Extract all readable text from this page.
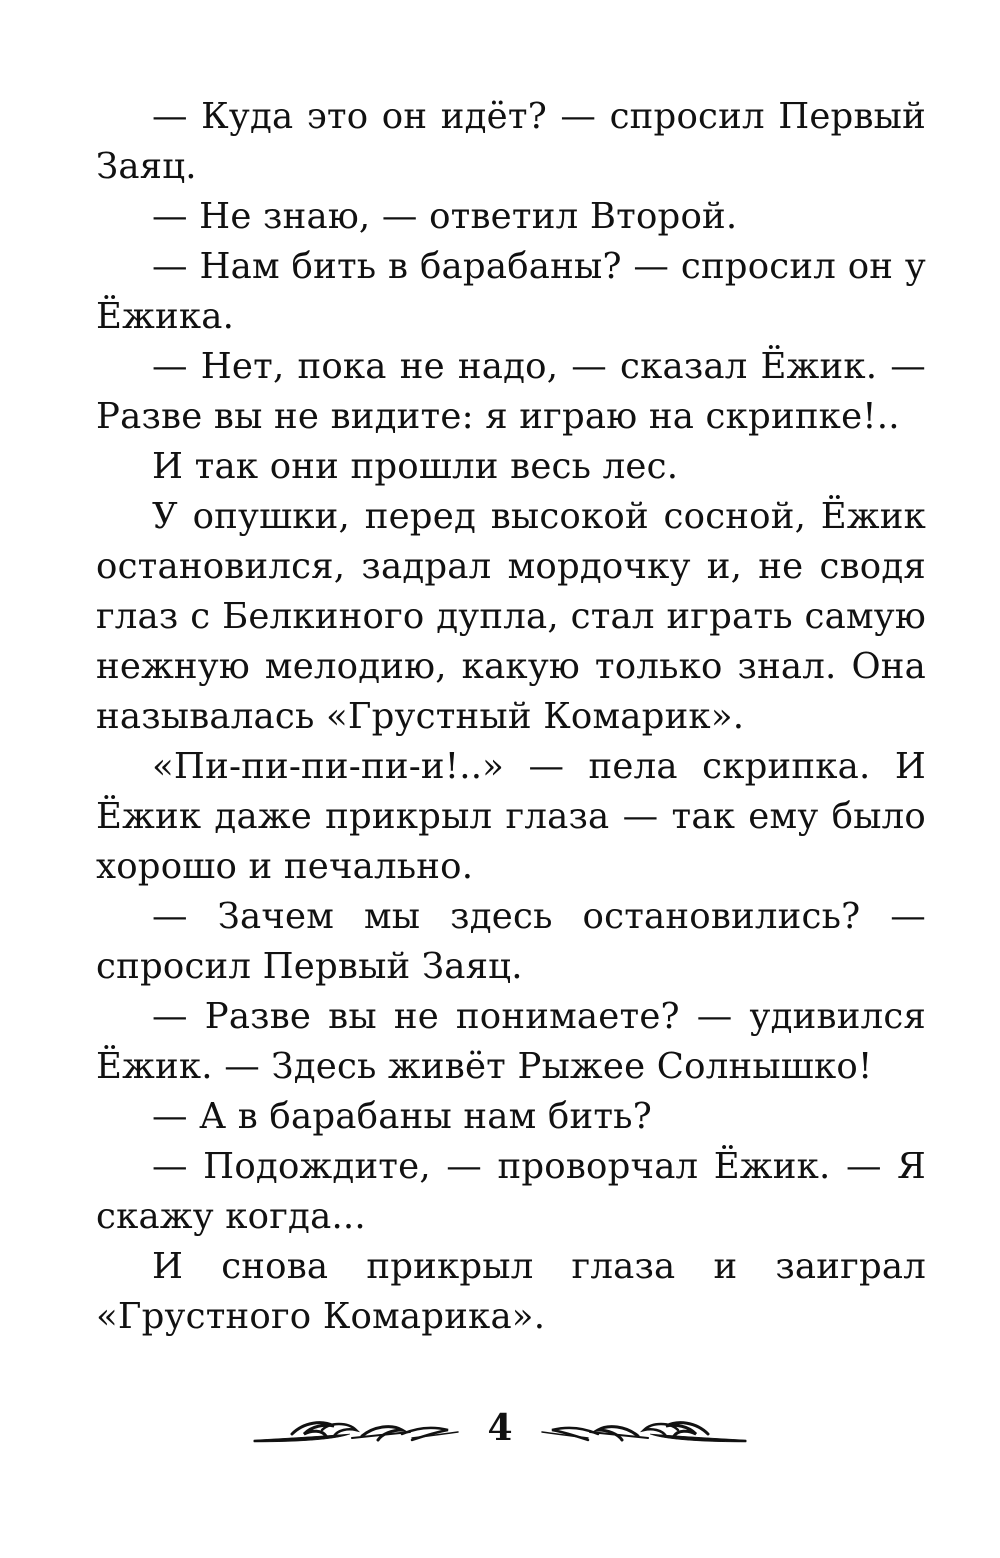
— Куда это он идёт? — спросил Первый Заяц.

— Не знаю, — ответил Второй.

— Нам бить в барабаны? — спросил он у Ёжика.

— Нет, пока не надо, — сказал Ёжик. — Разве вы не видите: я играю на скрипке!..

И так они прошли весь лес.

У опушки, перед высокой сосной, Ёжик остановился, задрал мордочку и, не сводя глаз с Белкиного дупла, стал играть самую нежную мелодию, какую только знал. Она называлась «Грустный Комарик».

«Пи-пи-пи-пи-и!..» — пела скрипка. И Ёжик даже прикрыл глаза — так ему было хорошо и печально.

— Зачем мы здесь остановились? — спросил Первый Заяц.

— Разве вы не понимаете? — удивился Ёжик. — Здесь живёт Рыжее Солнышко!

— А в барабаны нам бить?

— Подождите, — проворчал Ёжик. — Я скажу когда...

И снова прикрыл глаза и заиграл «Грустного Комарика».

4
